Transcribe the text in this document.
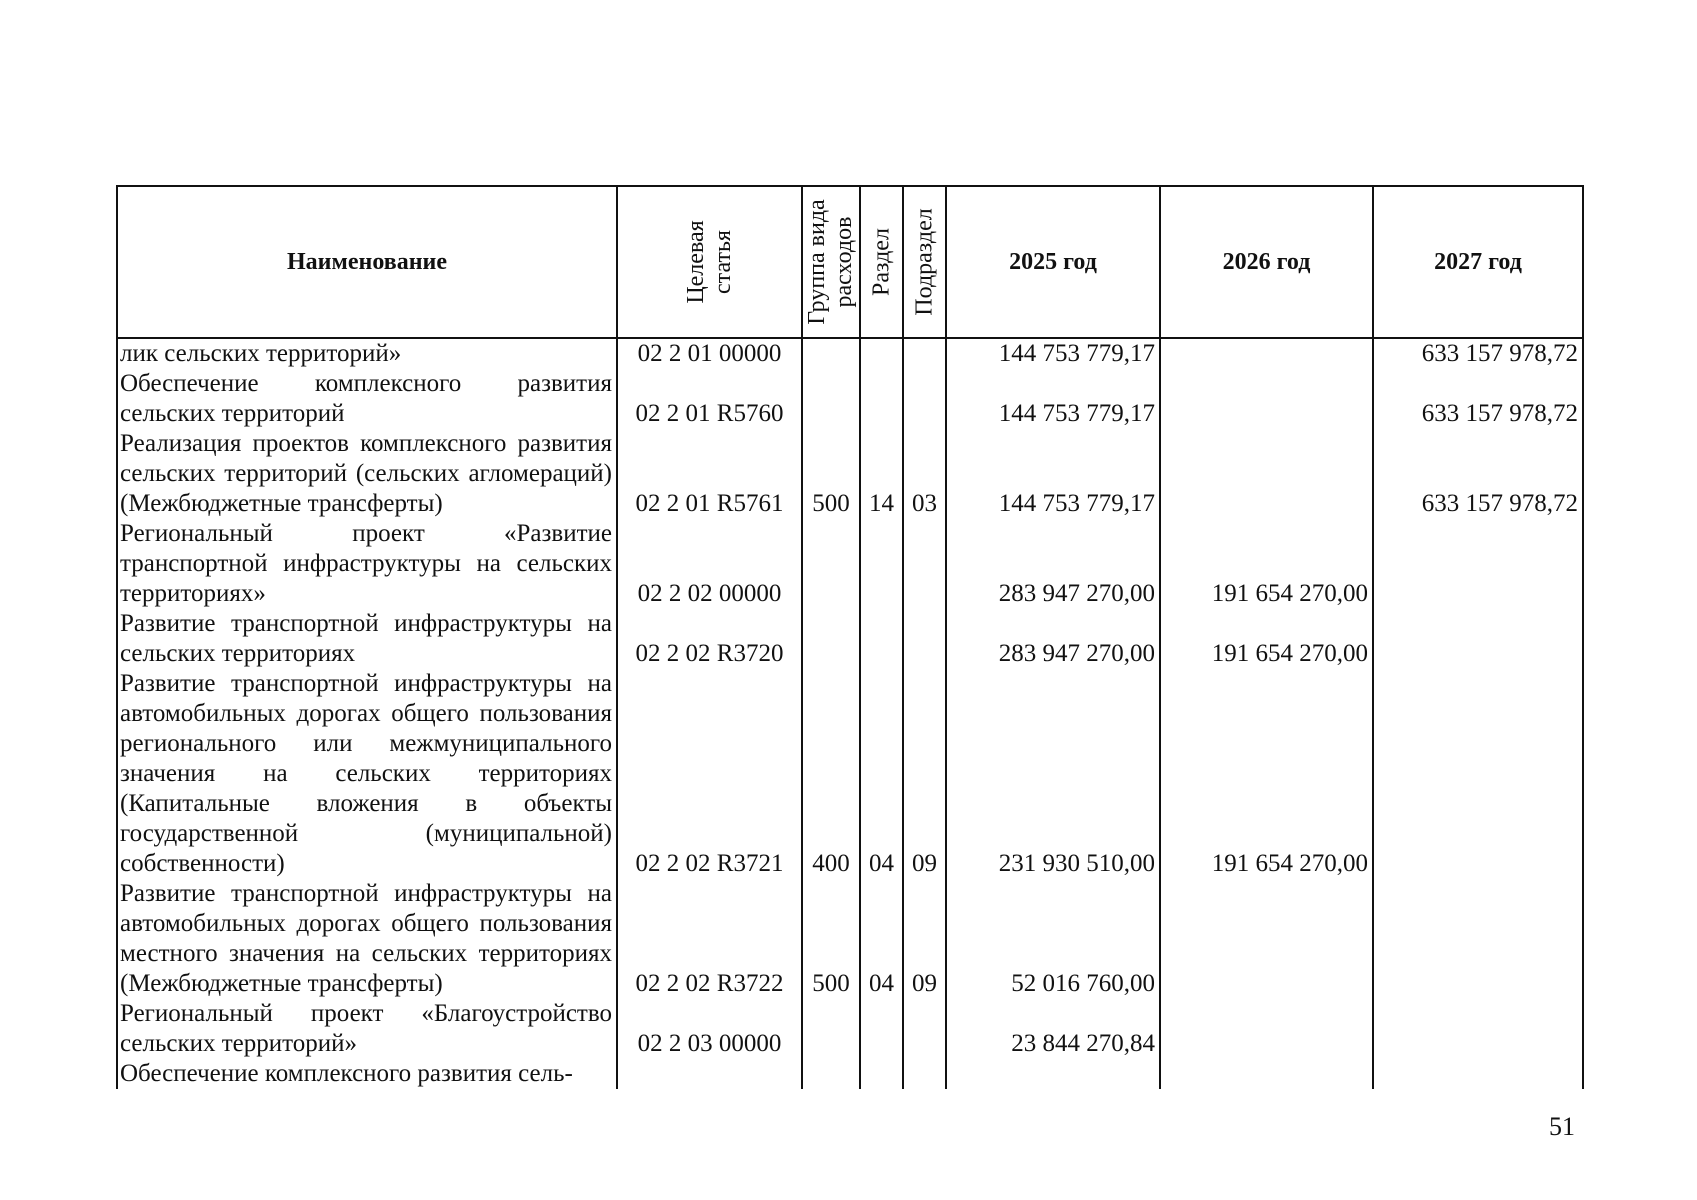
Наименование	Целевая статья	Группа вида расходов	Раздел	Подраздел	2025 год	2026 год	2027 год
лик сельских территорий»	02 2 01 00000				144 753 779,17		633 157 978,72
Обеспечение комплексного развития сельских территорий	02 2 01 R5760				144 753 779,17		633 157 978,72
Реализация проектов комплексного развития сельских территорий (сельских агломераций) (Межбюджетные трансферты)	02 2 01 R5761	500	14	03	144 753 779,17		633 157 978,72
Региональный проект «Развитие транспортной инфраструктуры на сельских территориях»	02 2 02 00000				283 947 270,00	191 654 270,00	
Развитие транспортной инфраструктуры на сельских территориях	02 2 02 R3720				283 947 270,00	191 654 270,00	
Развитие транспортной инфраструктуры на автомобильных дорогах общего пользования регионального или межмуниципального значения на сельских территориях (Капитальные вложения в объекты государственной (муниципальной) собственности)	02 2 02 R3721	400	04	09	231 930 510,00	191 654 270,00	
Развитие транспортной инфраструктуры на автомобильных дорогах общего пользования местного значения на сельских территориях (Межбюджетные трансферты)	02 2 02 R3722	500	04	09	52 016 760,00		
Региональный проект «Благоустройство сельских территорий»	02 2 03 00000				23 844 270,84		
Обеспечение комплексного развития сель-							
51
